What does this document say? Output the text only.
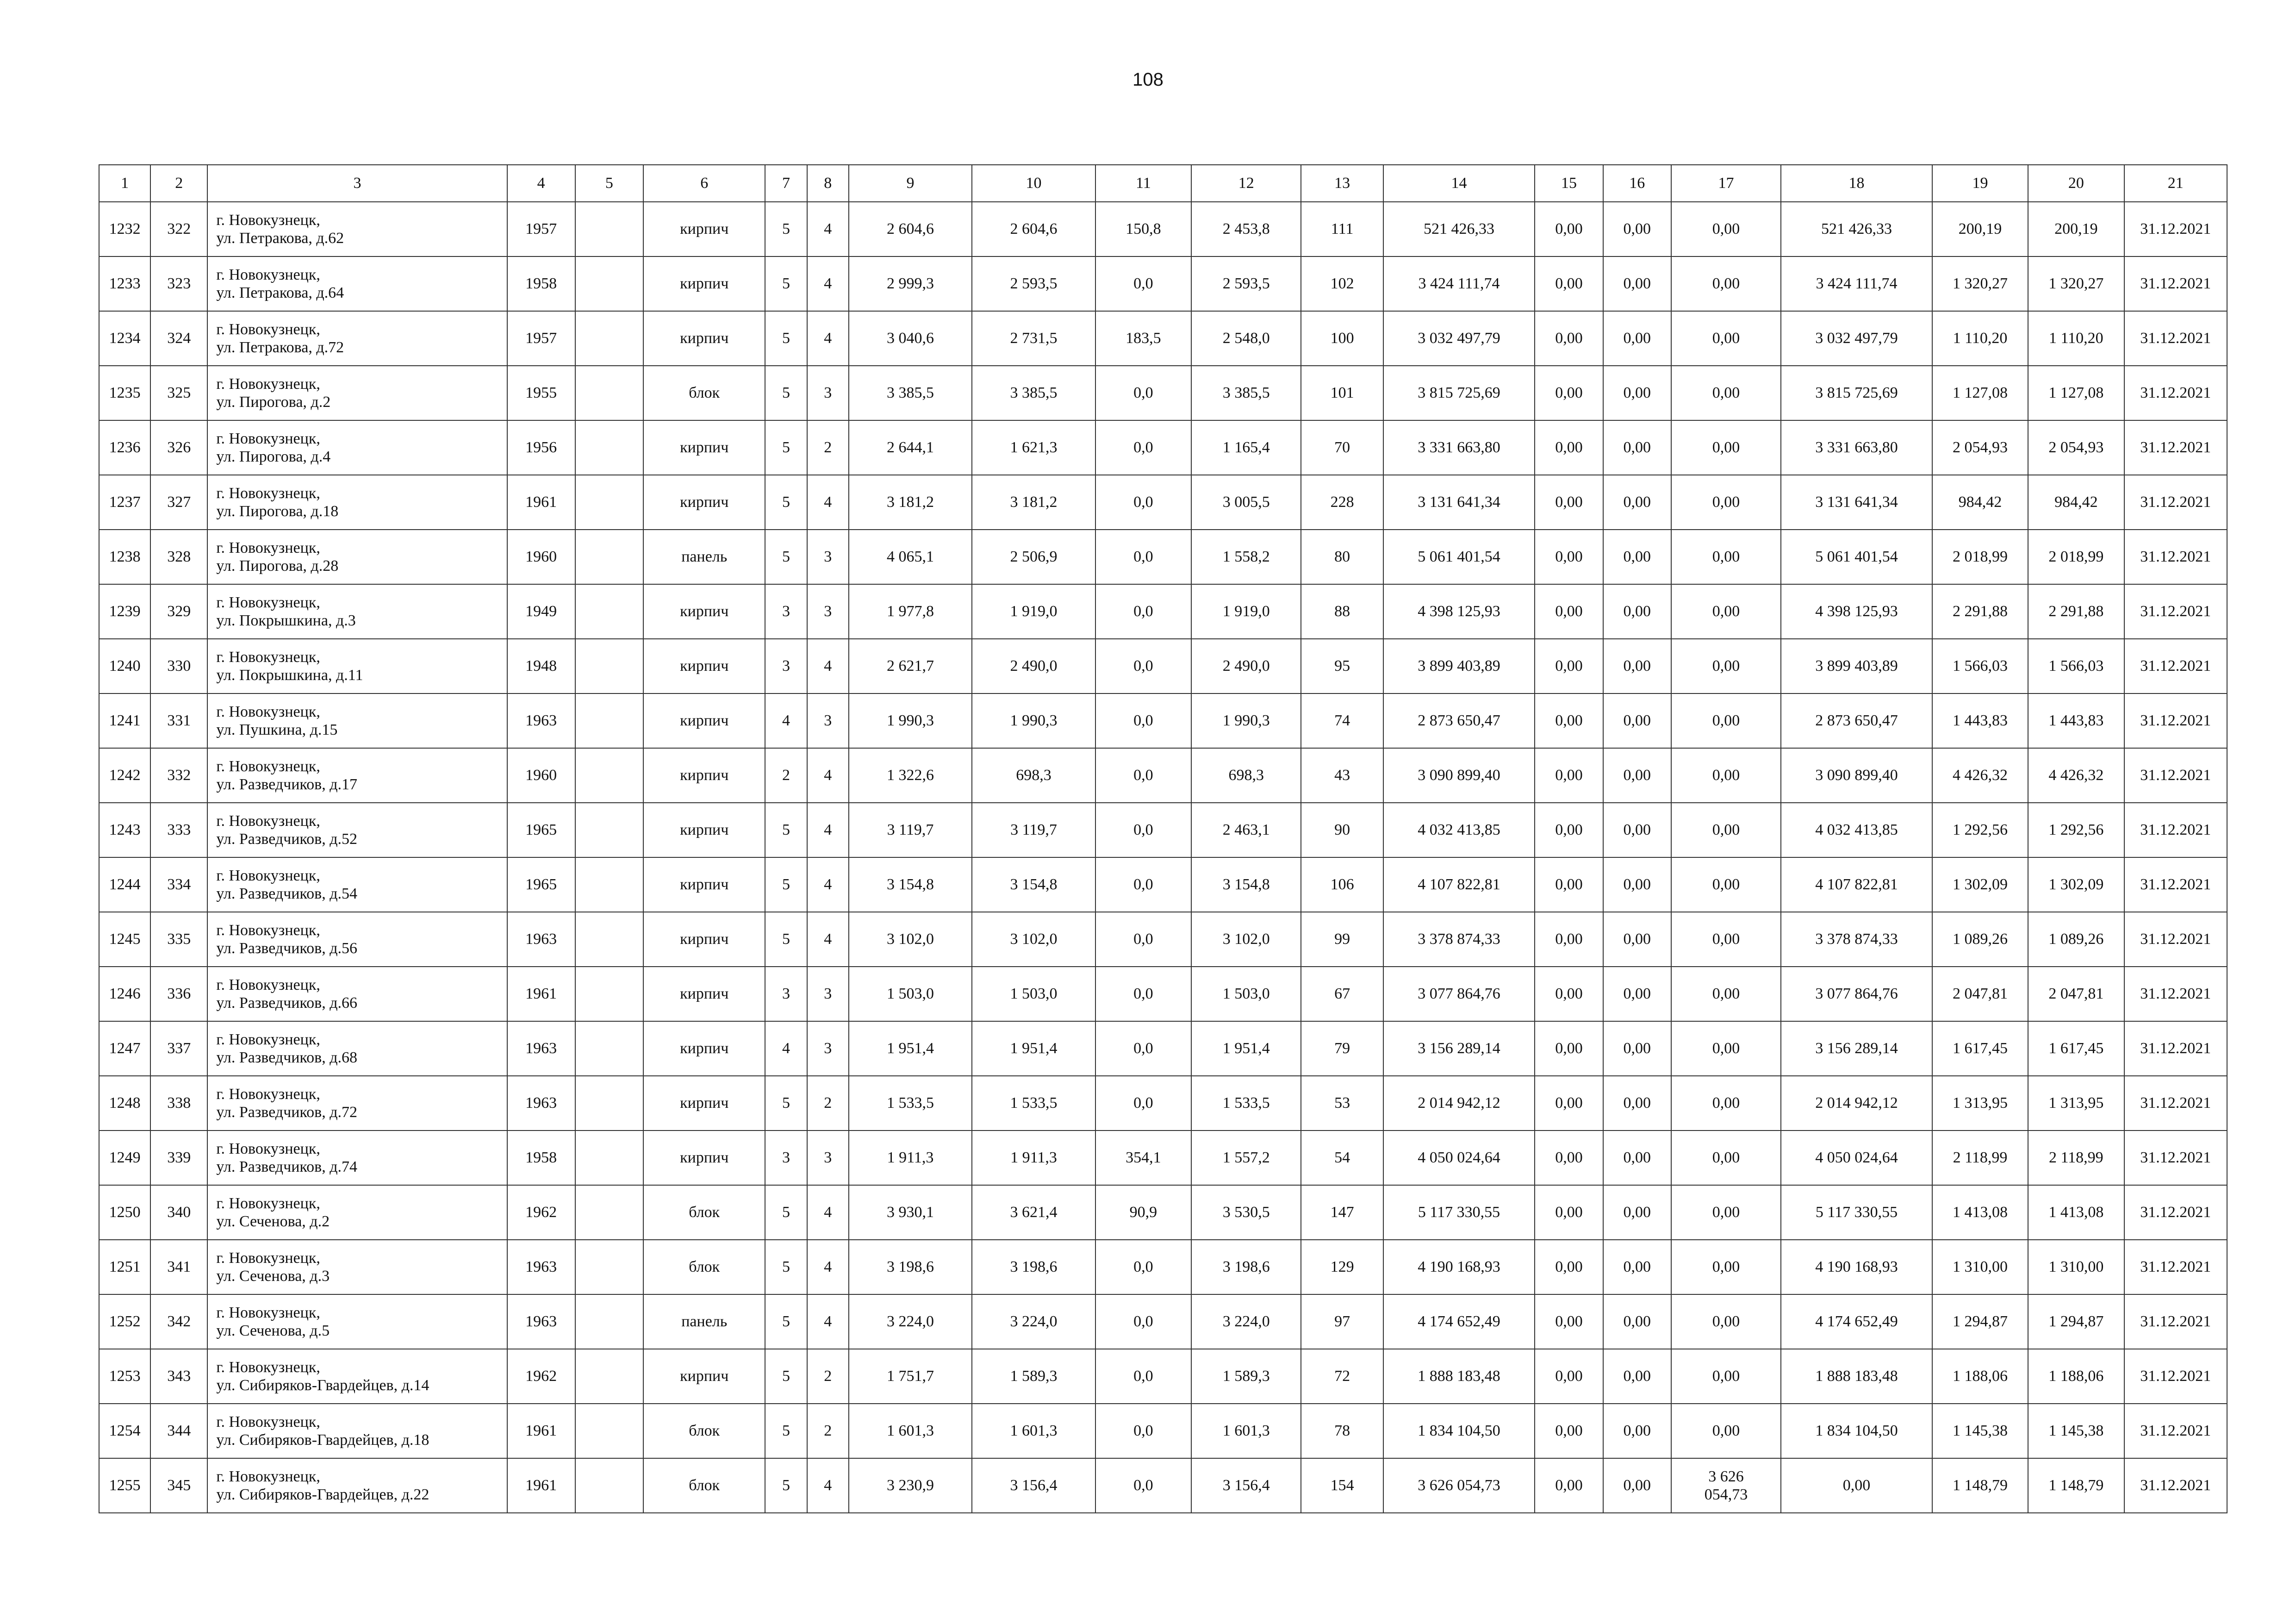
108
1	2	3	4	5	6	7	8	9	10	11	12	13	14	15	16	17	18	19	20	21
1232	322	г. Новокузнецк,
ул. Петракова, д.62	1957		кирпич	5	4	2 604,6	2 604,6	150,8	2 453,8	111	521 426,33	0,00	0,00	0,00	521 426,33	200,19	200,19	31.12.2021
1233	323	г. Новокузнецк,
ул. Петракова, д.64	1958		кирпич	5	4	2 999,3	2 593,5	0,0	2 593,5	102	3 424 111,74	0,00	0,00	0,00	3 424 111,74	1 320,27	1 320,27	31.12.2021
1234	324	г. Новокузнецк,
ул. Петракова, д.72	1957		кирпич	5	4	3 040,6	2 731,5	183,5	2 548,0	100	3 032 497,79	0,00	0,00	0,00	3 032 497,79	1 110,20	1 110,20	31.12.2021
1235	325	г. Новокузнецк,
ул. Пирогова, д.2	1955		блок	5	3	3 385,5	3 385,5	0,0	3 385,5	101	3 815 725,69	0,00	0,00	0,00	3 815 725,69	1 127,08	1 127,08	31.12.2021
1236	326	г. Новокузнецк,
ул. Пирогова, д.4	1956		кирпич	5	2	2 644,1	1 621,3	0,0	1 165,4	70	3 331 663,80	0,00	0,00	0,00	3 331 663,80	2 054,93	2 054,93	31.12.2021
1237	327	г. Новокузнецк,
ул. Пирогова, д.18	1961		кирпич	5	4	3 181,2	3 181,2	0,0	3 005,5	228	3 131 641,34	0,00	0,00	0,00	3 131 641,34	984,42	984,42	31.12.2021
1238	328	г. Новокузнецк,
ул. Пирогова, д.28	1960		панель	5	3	4 065,1	2 506,9	0,0	1 558,2	80	5 061 401,54	0,00	0,00	0,00	5 061 401,54	2 018,99	2 018,99	31.12.2021
1239	329	г. Новокузнецк,
ул. Покрышкина, д.3	1949		кирпич	3	3	1 977,8	1 919,0	0,0	1 919,0	88	4 398 125,93	0,00	0,00	0,00	4 398 125,93	2 291,88	2 291,88	31.12.2021
1240	330	г. Новокузнецк,
ул. Покрышкина, д.11	1948		кирпич	3	4	2 621,7	2 490,0	0,0	2 490,0	95	3 899 403,89	0,00	0,00	0,00	3 899 403,89	1 566,03	1 566,03	31.12.2021
1241	331	г. Новокузнецк,
ул. Пушкина, д.15	1963		кирпич	4	3	1 990,3	1 990,3	0,0	1 990,3	74	2 873 650,47	0,00	0,00	0,00	2 873 650,47	1 443,83	1 443,83	31.12.2021
1242	332	г. Новокузнецк,
ул. Разведчиков, д.17	1960		кирпич	2	4	1 322,6	698,3	0,0	698,3	43	3 090 899,40	0,00	0,00	0,00	3 090 899,40	4 426,32	4 426,32	31.12.2021
1243	333	г. Новокузнецк,
ул. Разведчиков, д.52	1965		кирпич	5	4	3 119,7	3 119,7	0,0	2 463,1	90	4 032 413,85	0,00	0,00	0,00	4 032 413,85	1 292,56	1 292,56	31.12.2021
1244	334	г. Новокузнецк,
ул. Разведчиков, д.54	1965		кирпич	5	4	3 154,8	3 154,8	0,0	3 154,8	106	4 107 822,81	0,00	0,00	0,00	4 107 822,81	1 302,09	1 302,09	31.12.2021
1245	335	г. Новокузнецк,
ул. Разведчиков, д.56	1963		кирпич	5	4	3 102,0	3 102,0	0,0	3 102,0	99	3 378 874,33	0,00	0,00	0,00	3 378 874,33	1 089,26	1 089,26	31.12.2021
1246	336	г. Новокузнецк,
ул. Разведчиков, д.66	1961		кирпич	3	3	1 503,0	1 503,0	0,0	1 503,0	67	3 077 864,76	0,00	0,00	0,00	3 077 864,76	2 047,81	2 047,81	31.12.2021
1247	337	г. Новокузнецк,
ул. Разведчиков, д.68	1963		кирпич	4	3	1 951,4	1 951,4	0,0	1 951,4	79	3 156 289,14	0,00	0,00	0,00	3 156 289,14	1 617,45	1 617,45	31.12.2021
1248	338	г. Новокузнецк,
ул. Разведчиков, д.72	1963		кирпич	5	2	1 533,5	1 533,5	0,0	1 533,5	53	2 014 942,12	0,00	0,00	0,00	2 014 942,12	1 313,95	1 313,95	31.12.2021
1249	339	г. Новокузнецк,
ул. Разведчиков, д.74	1958		кирпич	3	3	1 911,3	1 911,3	354,1	1 557,2	54	4 050 024,64	0,00	0,00	0,00	4 050 024,64	2 118,99	2 118,99	31.12.2021
1250	340	г. Новокузнецк,
ул. Сеченова, д.2	1962		блок	5	4	3 930,1	3 621,4	90,9	3 530,5	147	5 117 330,55	0,00	0,00	0,00	5 117 330,55	1 413,08	1 413,08	31.12.2021
1251	341	г. Новокузнецк,
ул. Сеченова, д.3	1963		блок	5	4	3 198,6	3 198,6	0,0	3 198,6	129	4 190 168,93	0,00	0,00	0,00	4 190 168,93	1 310,00	1 310,00	31.12.2021
1252	342	г. Новокузнецк,
ул. Сеченова, д.5	1963		панель	5	4	3 224,0	3 224,0	0,0	3 224,0	97	4 174 652,49	0,00	0,00	0,00	4 174 652,49	1 294,87	1 294,87	31.12.2021
1253	343	г. Новокузнецк,
ул. Сибиряков-Гвардейцев, д.14	1962		кирпич	5	2	1 751,7	1 589,3	0,0	1 589,3	72	1 888 183,48	0,00	0,00	0,00	1 888 183,48	1 188,06	1 188,06	31.12.2021
1254	344	г. Новокузнецк,
ул. Сибиряков-Гвардейцев, д.18	1961		блок	5	2	1 601,3	1 601,3	0,0	1 601,3	78	1 834 104,50	0,00	0,00	0,00	1 834 104,50	1 145,38	1 145,38	31.12.2021
1255	345	г. Новокузнецк,
ул. Сибиряков-Гвардейцев, д.22	1961		блок	5	4	3 230,9	3 156,4	0,0	3 156,4	154	3 626 054,73	0,00	0,00	3 626
054,73	0,00	1 148,79	1 148,79	31.12.2021
